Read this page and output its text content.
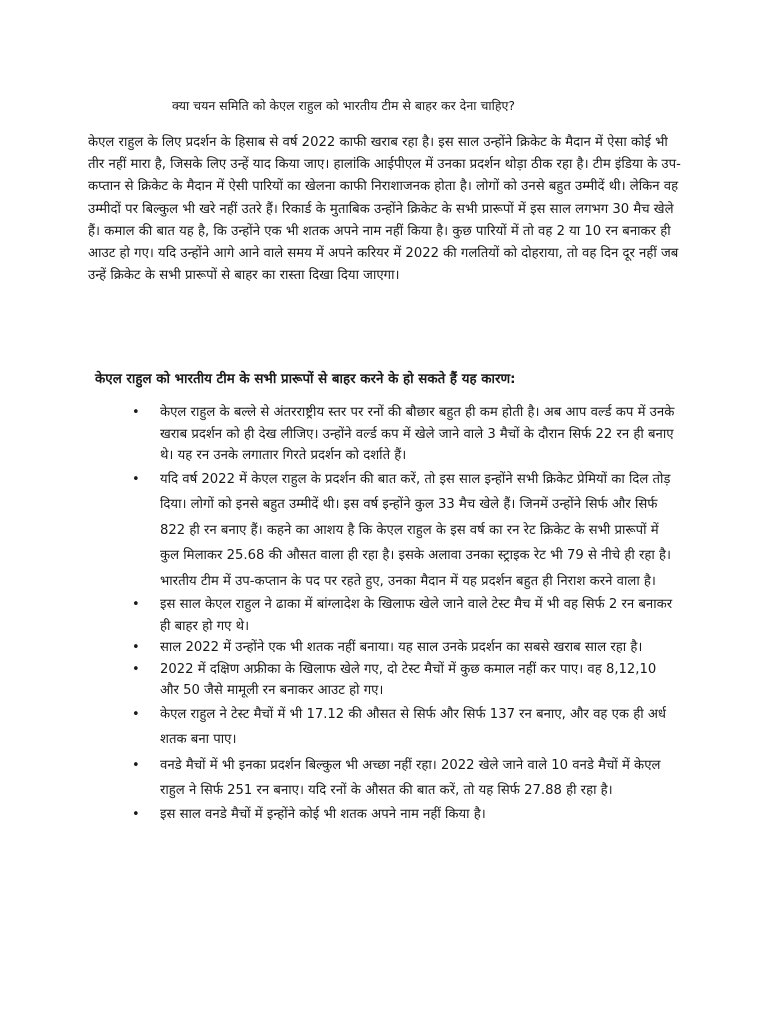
क्या चयन समिति को केएल राहुल को भारतीय टीम से बाहर कर देना चाहिए?

केएल राहुल के लिए प्रदर्शन के हिसाब से वर्ष 2022 काफी खराब रहा है। इस साल उन्होंने क्रिकेट के मैदान में ऐसा कोई भी तीर नहीं मारा है, जिसके लिए उन्हें याद किया जाए। हालांकि आईपीएल में उनका प्रदर्शन थोड़ा ठीक रहा है। टीम इंडिया के उप- कप्तान से क्रिकेट के मैदान में ऐसी पारियों का खेलना काफी निराशाजनक होता है। लोगों को उनसे बहुत उम्मीदें थी। लेकिन वह उम्मीदों पर बिल्कुल भी खरे नहीं उतरे हैं। रिकार्ड के मुताबिक उन्होंने क्रिकेट के सभी प्रारूपों में इस साल लगभग 30 मैच खेले हैं। कमाल की बात यह है, कि उन्होंने एक भी शतक अपने नाम नहीं किया है। कुछ पारियों में तो वह 2 या 10 रन बनाकर ही आउट हो गए। यदि उन्होंने आगे आने वाले समय में अपने करियर में 2022 की गलतियों को दोहराया, तो वह दिन दूर नहीं जब उन्हें क्रिकेट के सभी प्रारूपों से बाहर का रास्ता दिखा दिया जाएगा।

केएल राहुल को भारतीय टीम के सभी प्रारूपों से बाहर करने के हो सकते हैं यह कारण:
•	केएल राहुल के बल्ले से अंतरराष्ट्रीय स्तर पर रनों की बौछार बहुत ही कम होती है। अब आप वर्ल्ड कप में उनके खराब प्रदर्शन को ही देख लीजिए। उन्होंने वर्ल्ड कप में खेले जाने वाले 3 मैचों के दौरान सिर्फ 22 रन ही बनाए थे। यह रन उनके लगातार गिरते प्रदर्शन को दर्शाते हैं।
•	यदि वर्ष 2022 में केएल राहुल के प्रदर्शन की बात करें, तो इस साल इन्होंने सभी क्रिकेट प्रेमियों का दिल तोड़ दिया। लोगों को इनसे बहुत उम्मीदें थी। इस वर्ष इन्होंने कुल 33 मैच खेले हैं। जिनमें उन्होंने सिर्फ और सिर्फ 822 ही रन बनाए हैं। कहने का आशय है कि केएल राहुल के इस वर्ष का रन रेट क्रिकेट के सभी प्रारूपों में कुल मिलाकर 25.68 की औसत वाला ही रहा है। इसके अलावा उनका स्ट्राइक रेट भी 79 से नीचे ही रहा है। भारतीय टीम में उप-कप्तान के पद पर रहते हुए, उनका मैदान में यह प्रदर्शन बहुत ही निराश करने वाला है।
•	इस साल केएल राहुल ने ढाका में बांग्लादेश के खिलाफ खेले जाने वाले टेस्ट मैच में भी वह सिर्फ 2 रन बनाकर ही बाहर हो गए थे।
•	साल 2022 में उन्होंने एक भी शतक नहीं बनाया। यह साल उनके प्रदर्शन का सबसे खराब साल रहा है।
•	2022 में दक्षिण अफ्रीका के खिलाफ खेले गए, दो टेस्ट मैचों में कुछ कमाल नहीं कर पाए। वह 8,12,10 और 50 जैसे मामूली रन बनाकर आउट हो गए।
•	केएल राहुल ने टेस्ट मैचों में भी 17.12 की औसत से सिर्फ और सिर्फ 137 रन बनाए, और वह एक ही अर्ध शतक बना पाए।
•	वनडे मैचों में भी इनका प्रदर्शन बिल्कुल भी अच्छा नहीं रहा। 2022 खेले जाने वाले 10 वनडे मैचों में केएल राहुल ने सिर्फ 251 रन बनाए। यदि रनों के औसत की बात करें, तो यह सिर्फ 27.88 ही रहा है।
•	इस साल वनडे मैचों में इन्होंने कोई भी शतक अपने नाम नहीं किया है।
